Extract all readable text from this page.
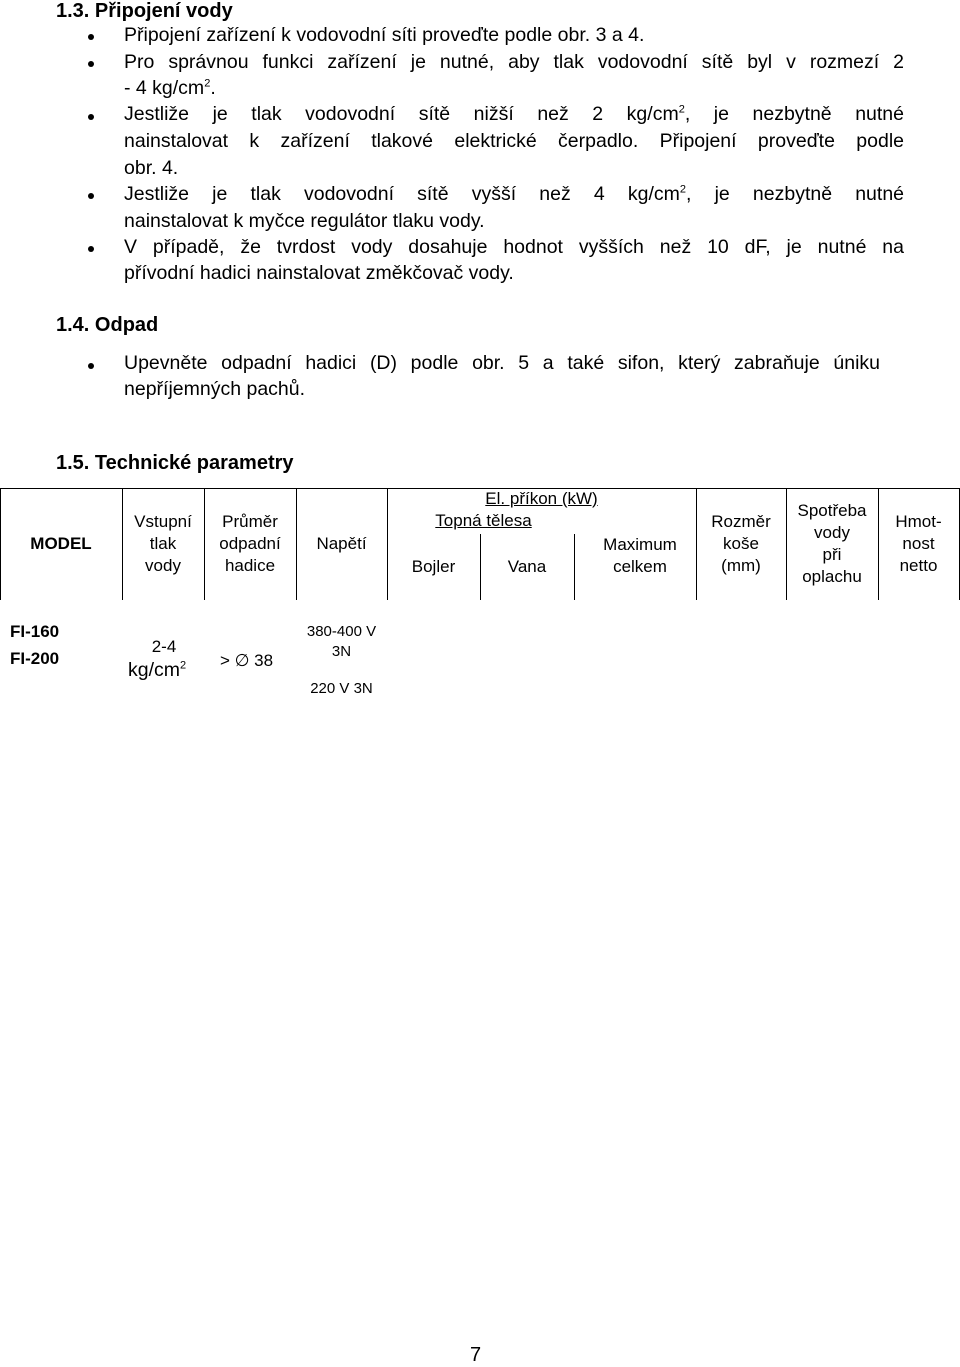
1.3. Připojení vody
Připojení zařízení k vodovodní síti proveďte podle obr. 3 a 4.
Pro správnou funkci zařízení je nutné, aby tlak vodovodní sítě byl v rozmezí 2
- 4 $kg/cm^2$.
Jestliže je tlak vodovodní sítě nižší než 2 $kg/cm^2$, je nezbytně nutné
nainstalovat k zařízení tlakové elektrické čerpadlo. Připojení proveďte podle
obr. 4.
Jestliže je tlak vodovodní sítě vyšší než 4 $kg/cm^2$, je nezbytně nutné
nainstalovat k myčce regulátor tlaku vody.
V případě, že tvrdost vody dosahuje hodnot vyšších než 10 dF, je nutné na
přívodní hadici nainstalovat změkčovač vody.
1.4. Odpad
Upevněte odpadní hadici (D) podle obr. 5 a také sifon, který zabraňuje úniku
nepříjemných pachů.
1.5. Technické parametry
MODEL
Vstupní
tlak
vody
Průměr
odpadní
hadice
Napětí
El. příkon (kW)
Topná tělesa
Bojler	Vana
Maximum
celkem
Rozměr
koše
(mm)
Spotřeba
vody
při
oplachu
Hmot-
nost
netto
FI-160
FI-200
2-4
$kg/cm^2$ > ∅ 38
380-400 V
3N
220 V 3N
7
